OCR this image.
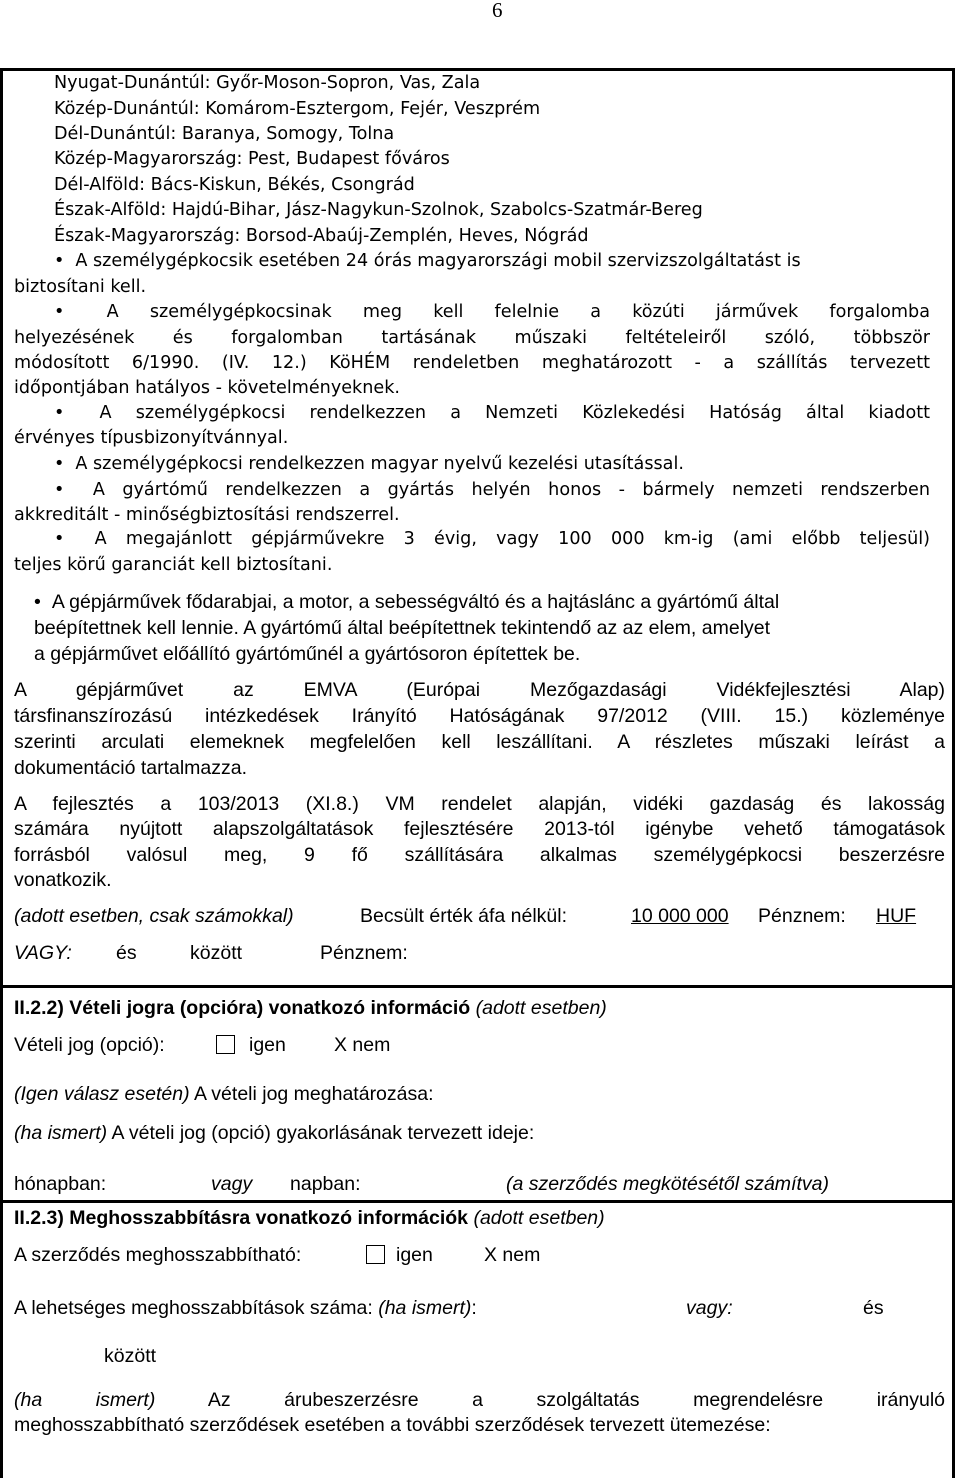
6
Nyugat-Dunántúl: Győr-Moson-Sopron, Vas, Zala
Közép-Dunántúl: Komárom-Esztergom, Fejér, Veszprém
Dél-Dunántúl: Baranya, Somogy, Tolna
Közép-Magyarország: Pest, Budapest főváros
Dél-Alföld: Bács-Kiskun, Békés, Csongrád
Észak-Alföld: Hajdú-Bihar, Jász-Nagykun-Szolnok, Szabolcs-Szatmár-Bereg
Észak-Magyarország: Borsod-Abaúj-Zemplén, Heves, Nógrád
• A személygépkocsik esetében 24 órás magyarországi mobil szervizszolgáltatást is
biztosítani kell.
• A személygépkocsinak meg kell felelnie a közúti járművek forgalomba
helyezésének és forgalomban tartásának műszaki feltételeiről szóló, többször
módosított 6/1990. (IV. 12.) KöHÉM rendeletben meghatározott - a szállítás tervezett
időpontjában hatályos - követelményeknek.
• A személygépkocsi rendelkezzen a Nemzeti Közlekedési Hatóság által kiadott
érvényes típusbizonyítvánnyal.
• A személygépkocsi rendelkezzen magyar nyelvű kezelési utasítással.
• A gyártómű rendelkezzen a gyártás helyén honos - bármely nemzeti rendszerben
akkreditált - minőségbiztosítási rendszerrel.
• A megajánlott gépjárművekre 3 évig, vagy 100 000 km-ig (ami előbb teljesül)
teljes körű garanciát kell biztosítani.
• A gépjárművek fődarabjai, a motor, a sebességváltó és a hajtáslánc a gyártómű által
beépítettnek kell lennie. A gyártómű által beépítettnek tekintendő az az elem, amelyet
a gépjárművet előállító gyártóműnél a gyártósoron építettek be.
A gépjárművet az EMVA (Európai Mezőgazdasági Vidékfejlesztési Alap)
társfinanszírozású intézkedések Irányító Hatóságának 97/2012 (VIII. 15.) közleménye
szerinti arculati elemeknek megfelelően kell leszállítani. A részletes műszaki leírást a
dokumentáció tartalmazza.
A fejlesztés a 103/2013 (XI.8.) VM rendelet alapján, vidéki gazdaság és lakosság
számára nyújtott alapszolgáltatások fejlesztésére 2013-tól igénybe vehető támogatások
forrásból valósul meg, 9 fő szállítására alkalmas személygépkocsi beszerzésre
vonatkozik.
(adott esetben, csak számokkal)	Becsült érték áfa nélkül:	10 000 000 Pénznem: HUF
VAGY: és	között	Pénznem:
II.2.2) Vételi jogra (opcióra) vonatkozó információ (adott esetben)
Vételi jog (opció):	igen X nem
(Igen válasz esetén) A vételi jog meghatározása:
(ha ismert) A vételi jog (opció) gyakorlásának tervezett ideje:
hónapban:	vagy napban:	(a szerződés megkötésétől számítva)
II.2.3) Meghosszabbításra vonatkozó információk (adott esetben)
A szerződés meghosszabbítható:	igen	X nem
A lehetséges meghosszabbítások száma: (ha ismert):	vagy:	és
között
(ha ismert)	Az árubeszerzésre a szolgáltatás megrendelésre irányuló
meghosszabbítható szerződések esetében a további szerződések tervezett ütemezése:
